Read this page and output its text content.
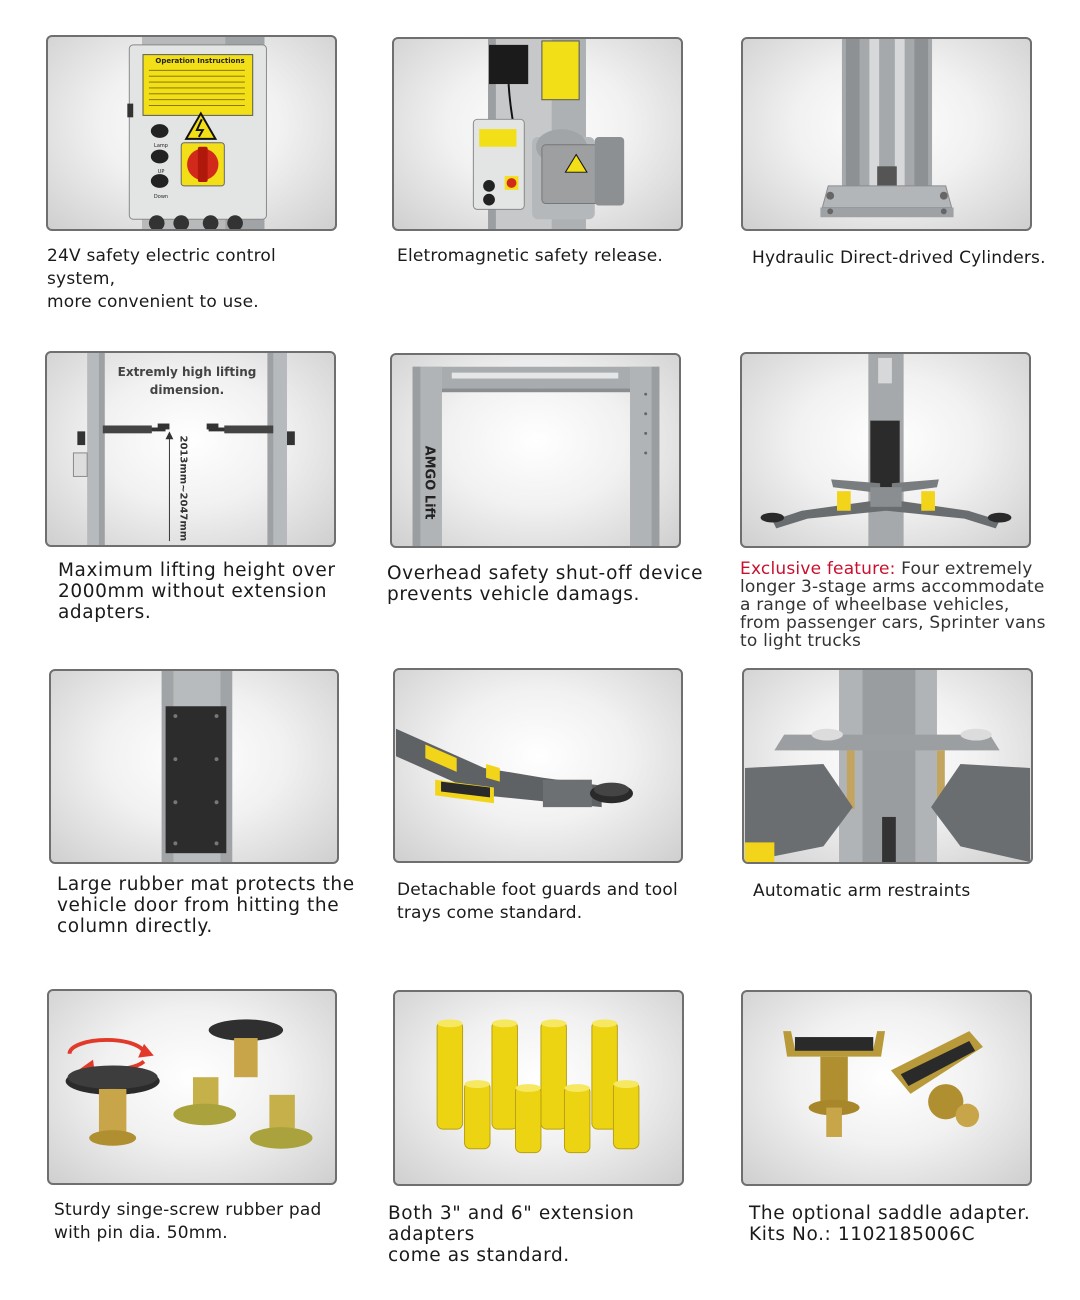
Operation Instructions
Lamp
UP
Down
24V safety electric control system,
more convenient to use.
Eletromagnetic safety release.	Hydraulic Direct-drived Cylinders.
Extremly high lifting
dimension.
2013mm~2047mm
Maximum lifting height over
2000mm without extension
adapters.
AMGO Lift
Overhead safety shut-off device
prevents vehicle damags.
Exclusive feature: Four extremely
longer 3-stage arms accommodate
a range of wheelbase vehicles,
from passenger cars, Sprinter vans
to light trucks
Large rubber mat protects the
vehicle door from hitting the
column directly.
Detachable foot guards and tool
trays come standard.
Automatic arm restraints
Sturdy singe-screw rubber pad
with pin dia. 50mm.
Both 3" and 6" extension adapters
come as standard.
The optional saddle adapter.
Kits No.: 1102185006C
